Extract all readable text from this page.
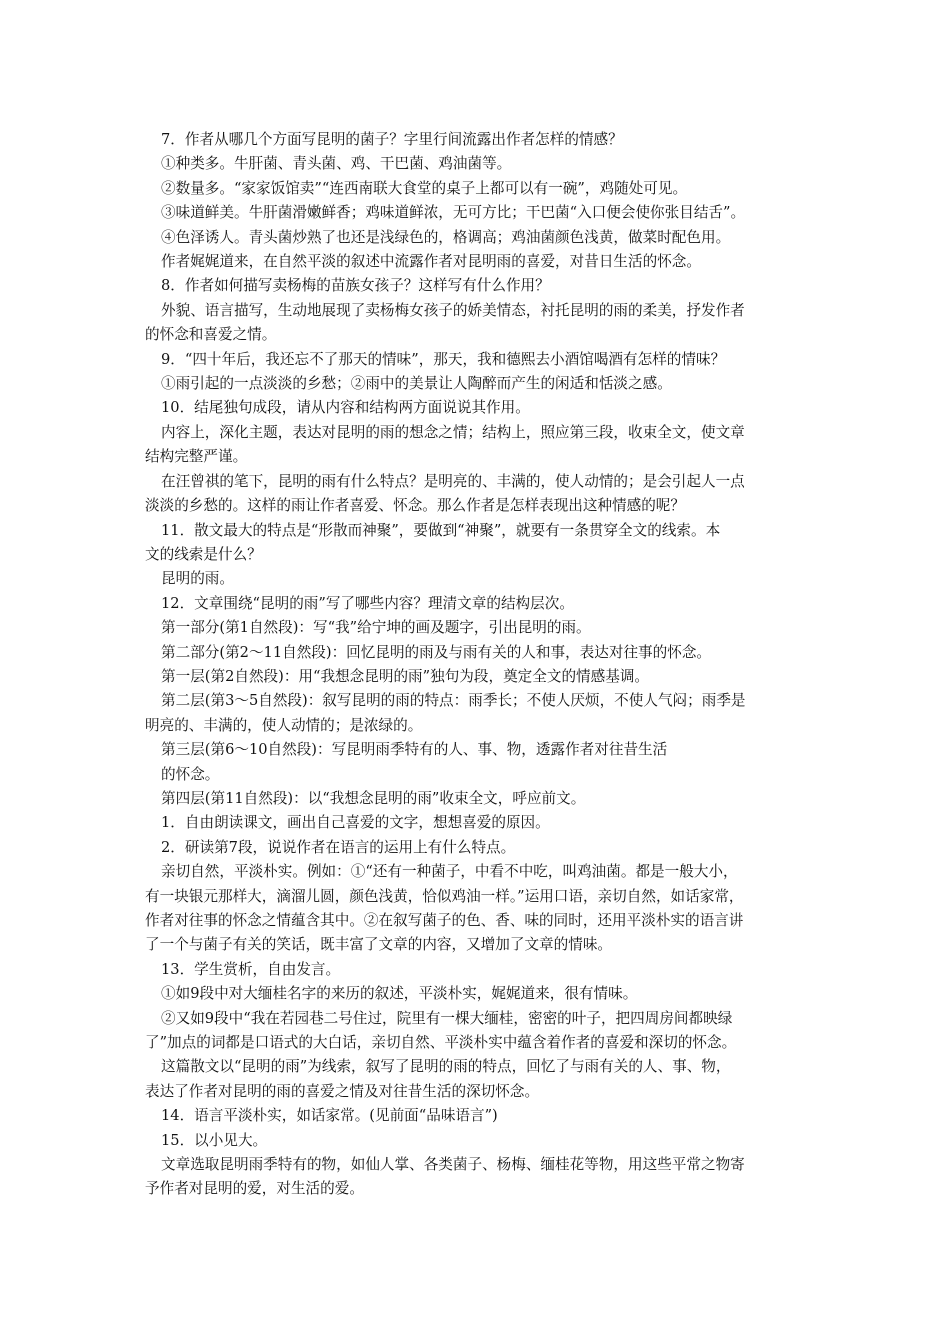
7．作者从哪几个方面写昆明的菌子？字里行间流露出作者怎样的情感？

①种类多。牛肝菌、青头菌、鸡、干巴菌、鸡油菌等。

②数量多。“家家饭馆卖”“连西南联大食堂的桌子上都可以有一碗”，鸡随处可见。

③味道鲜美。牛肝菌滑嫩鲜香；鸡味道鲜浓，无可方比；干巴菌“入口便会使你张目结舌”。

④色泽诱人。青头菌炒熟了也还是浅绿色的，格调高；鸡油菌颜色浅黄，做菜时配色用。

作者娓娓道来，在自然平淡的叙述中流露作者对昆明雨的喜爱，对昔日生活的怀念。

8．作者如何描写卖杨梅的苗族女孩子？这样写有什么作用？

外貌、语言描写，生动地展现了卖杨梅女孩子的娇美情态，衬托昆明的雨的柔美，抒发作者

的怀念和喜爱之情。

9．“四十年后，我还忘不了那天的情味”，那天，我和德熙去小酒馆喝酒有怎样的情味？

①雨引起的一点淡淡的乡愁；②雨中的美景让人陶醉而产生的闲适和恬淡之感。

10．结尾独句成段，请从内容和结构两方面说说其作用。

内容上，深化主题，表达对昆明的雨的想念之情；结构上，照应第三段，收束全文，使文章

结构完整严谨。

在汪曾祺的笔下，昆明的雨有什么特点？是明亮的、丰满的，使人动情的；是会引起人一点

淡淡的乡愁的。这样的雨让作者喜爱、怀念。那么作者是怎样表现出这种情感的呢？

11．散文最大的特点是“形散而神聚”，要做到“神聚”，就要有一条贯穿全文的线索。本

文的线索是什么？

昆明的雨。

12．文章围绕“昆明的雨”写了哪些内容？理清文章的结构层次。

第一部分(第1自然段)：写“我”给宁坤的画及题字，引出昆明的雨。

第二部分(第2～11自然段)：回忆昆明的雨及与雨有关的人和事，表达对往事的怀念。

第一层(第2自然段)：用“我想念昆明的雨”独句为段，奠定全文的情感基调。

第二层(第3～5自然段)：叙写昆明的雨的特点：雨季长；不使人厌烦，不使人气闷；雨季是

明亮的、丰满的，使人动情的；是浓绿的。

第三层(第6～10自然段)：写昆明雨季特有的人、事、物，透露作者对往昔生活

的怀念。

第四层(第11自然段)：以“我想念昆明的雨”收束全文，呼应前文。

1．自由朗读课文，画出自己喜爱的文字，想想喜爱的原因。

2．研读第7段，说说作者在语言的运用上有什么特点。

亲切自然，平淡朴实。例如：①“还有一种菌子，中看不中吃，叫鸡油菌。都是一般大小，

有一块银元那样大，滴溜儿圆，颜色浅黄，恰似鸡油一样。”运用口语，亲切自然，如话家常，

作者对往事的怀念之情蕴含其中。②在叙写菌子的色、香、味的同时，还用平淡朴实的语言讲

了一个与菌子有关的笑话，既丰富了文章的内容，又增加了文章的情味。

13．学生赏析，自由发言。

①如9段中对大缅桂名字的来历的叙述，平淡朴实，娓娓道来，很有情味。

②又如9段中“我在若园巷二号住过，院里有一棵大缅桂，密密的叶子，把四周房间都映绿

了”加点的词都是口语式的大白话，亲切自然、平淡朴实中蕴含着作者的喜爱和深切的怀念。

这篇散文以“昆明的雨”为线索，叙写了昆明的雨的特点，回忆了与雨有关的人、事、物，

表达了作者对昆明的雨的喜爱之情及对往昔生活的深切怀念。

14．语言平淡朴实，如话家常。(见前面“品味语言”)

15．以小见大。

文章选取昆明雨季特有的物，如仙人掌、各类菌子、杨梅、缅桂花等物，用这些平常之物寄

予作者对昆明的爱，对生活的爱。
